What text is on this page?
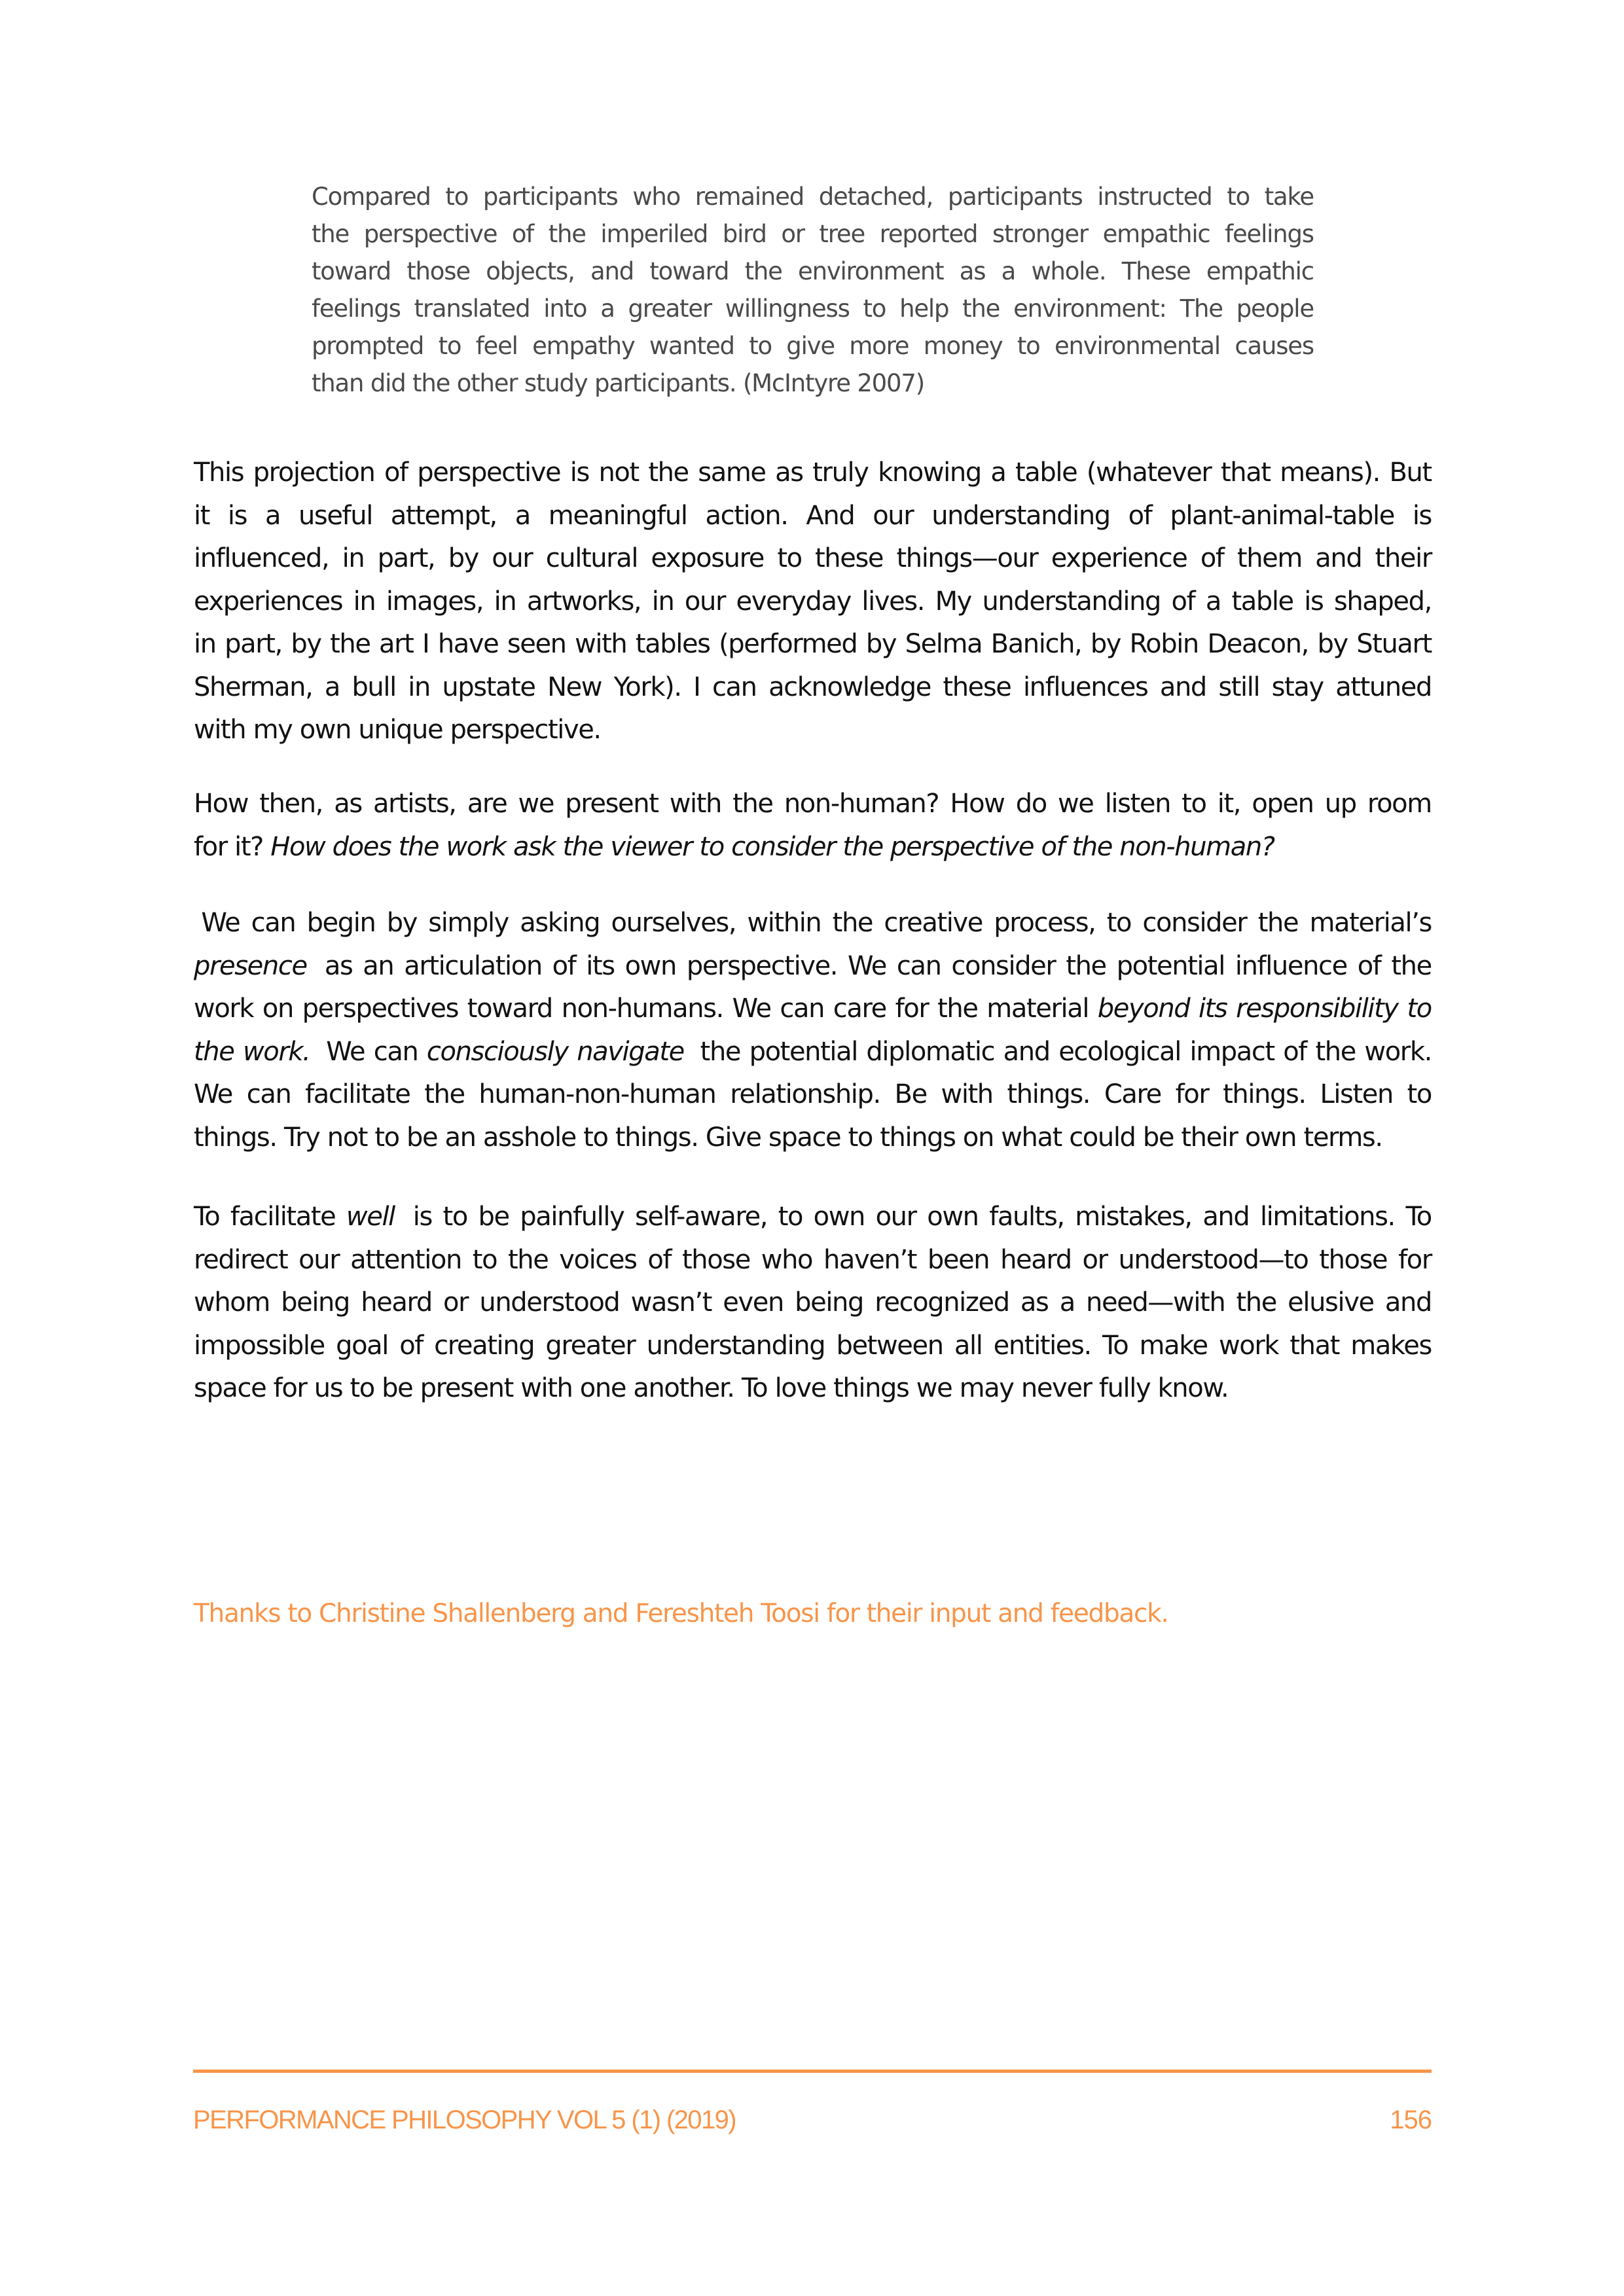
Compared to participants who remained detached, participants instructed to take
the perspective of the imperiled bird or tree reported stronger empathic feelings
toward those objects, and toward the environment as a whole. These empathic
feelings translated into a greater willingness to help the environment: The people
prompted to feel empathy wanted to give more money to environmental causes
than did the other study participants. (McIntyre 2007)
This projection of perspective is not the same as truly knowing a table (whatever that means). But
it is a useful attempt, a meaningful action. And our understanding of plant-animal-table is
influenced, in part, by our cultural exposure to these things—our experience of them and their
experiences in images, in artworks, in our everyday lives. My understanding of a table is shaped,
in part, by the art I have seen with tables (performed by Selma Banich, by Robin Deacon, by Stuart
Sherman, a bull in upstate New York). I can acknowledge these influences and still stay attuned
with my own unique perspective.
How then, as artists, are we present with the non-human? How do we listen to it, open up room
for it? How does the work ask the viewer to consider the perspective of the non-human?
We can begin by simply asking ourselves, within the creative process, to consider the material’s
presence as an articulation of its own perspective. We can consider the potential influence of the
work on perspectives toward non-humans. We can care for the material beyond its responsibility to
the work. We can consciously navigate the potential diplomatic and ecological impact of the work.
We can facilitate the human-non-human relationship. Be with things. Care for things. Listen to
things. Try not to be an asshole to things. Give space to things on what could be their own terms.
To facilitate well is to be painfully self-aware, to own our own faults, mistakes, and limitations. To
redirect our attention to the voices of those who haven’t been heard or understood—to those for
whom being heard or understood wasn’t even being recognized as a need—with the elusive and
impossible goal of creating greater understanding between all entities. To make work that makes
space for us to be present with one another. To love things we may never fully know.
Thanks to Christine Shallenberg and Fereshteh Toosi for their input and feedback.
PERFORMANCE PHILOSOPHY VOL 5 (1) (2019)	156
